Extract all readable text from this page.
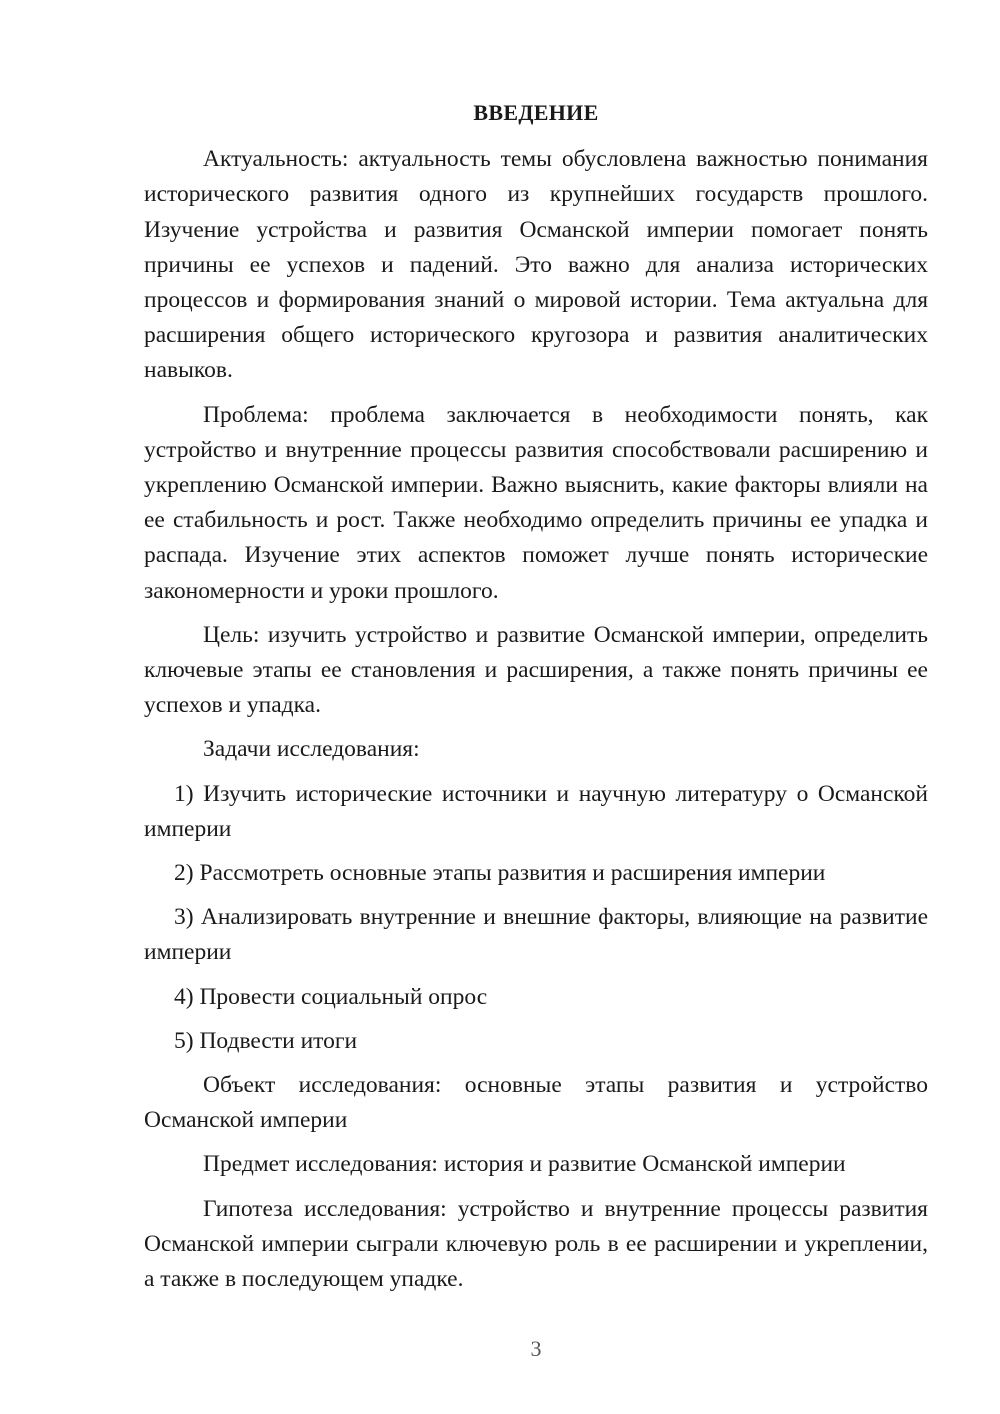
ВВЕДЕНИЕ

Актуальность: актуальность темы обусловлена важностью понимания исторического развития одного из крупнейших государств прошлого. Изучение устройства и развития Османской империи помогает понять причины ее успехов и падений. Это важно для анализа исторических процессов и формирования знаний о мировой истории. Тема актуальна для расширения общего исторического кругозора и развития аналитических навыков.

Проблема: проблема заключается в необходимости понять, как устройство и внутренние процессы развития способствовали расширению и укреплению Османской империи. Важно выяснить, какие факторы влияли на ее стабильность и рост. Также необходимо определить причины ее упадка и распада. Изучение этих аспектов поможет лучше понять исторические закономерности и уроки прошлого.

Цель: изучить устройство и развитие Османской империи, определить ключевые этапы ее становления и расширения, а также понять причины ее успехов и упадка.

Задачи исследования:

1) Изучить исторические источники и научную литературу о Османской империи

2) Рассмотреть основные этапы развития и расширения империи

3) Анализировать внутренние и внешние факторы, влияющие на развитие империи

4) Провести социальный опрос

5) Подвести итоги

Объект исследования: основные этапы развития и устройство Османской империи

Предмет исследования: история и развитие Османской империи

Гипотеза исследования: устройство и внутренние процессы развития Османской империи сыграли ключевую роль в ее расширении и укреплении, а также в последующем упадке.

3
